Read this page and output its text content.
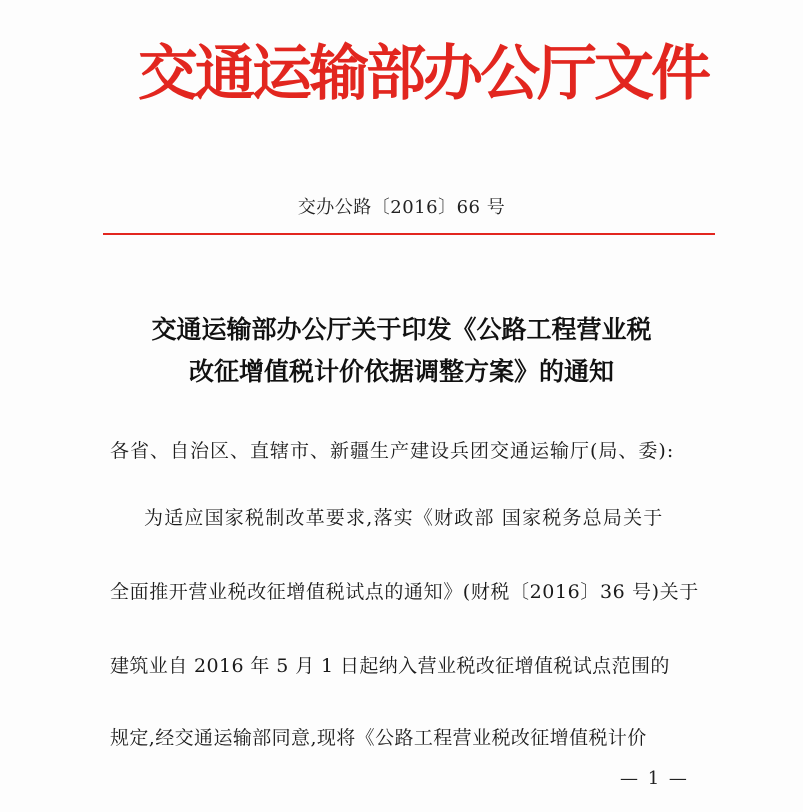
交通运输部办公厅文件
交办公路〔2016〕66 号
交通运输部办公厅关于印发《公路工程营业税
改征增值税计价依据调整方案》的通知
各省、自治区、直辖市、新疆生产建设兵团交通运输厅(局、委):
为适应国家税制改革要求,落实《财政部 国家税务总局关于
全面推开营业税改征增值税试点的通知》(财税〔2016〕36 号)关于
建筑业自 2016 年 5 月 1 日起纳入营业税改征增值税试点范围的
规定,经交通运输部同意,现将《公路工程营业税改征增值税计价
— 1 —
